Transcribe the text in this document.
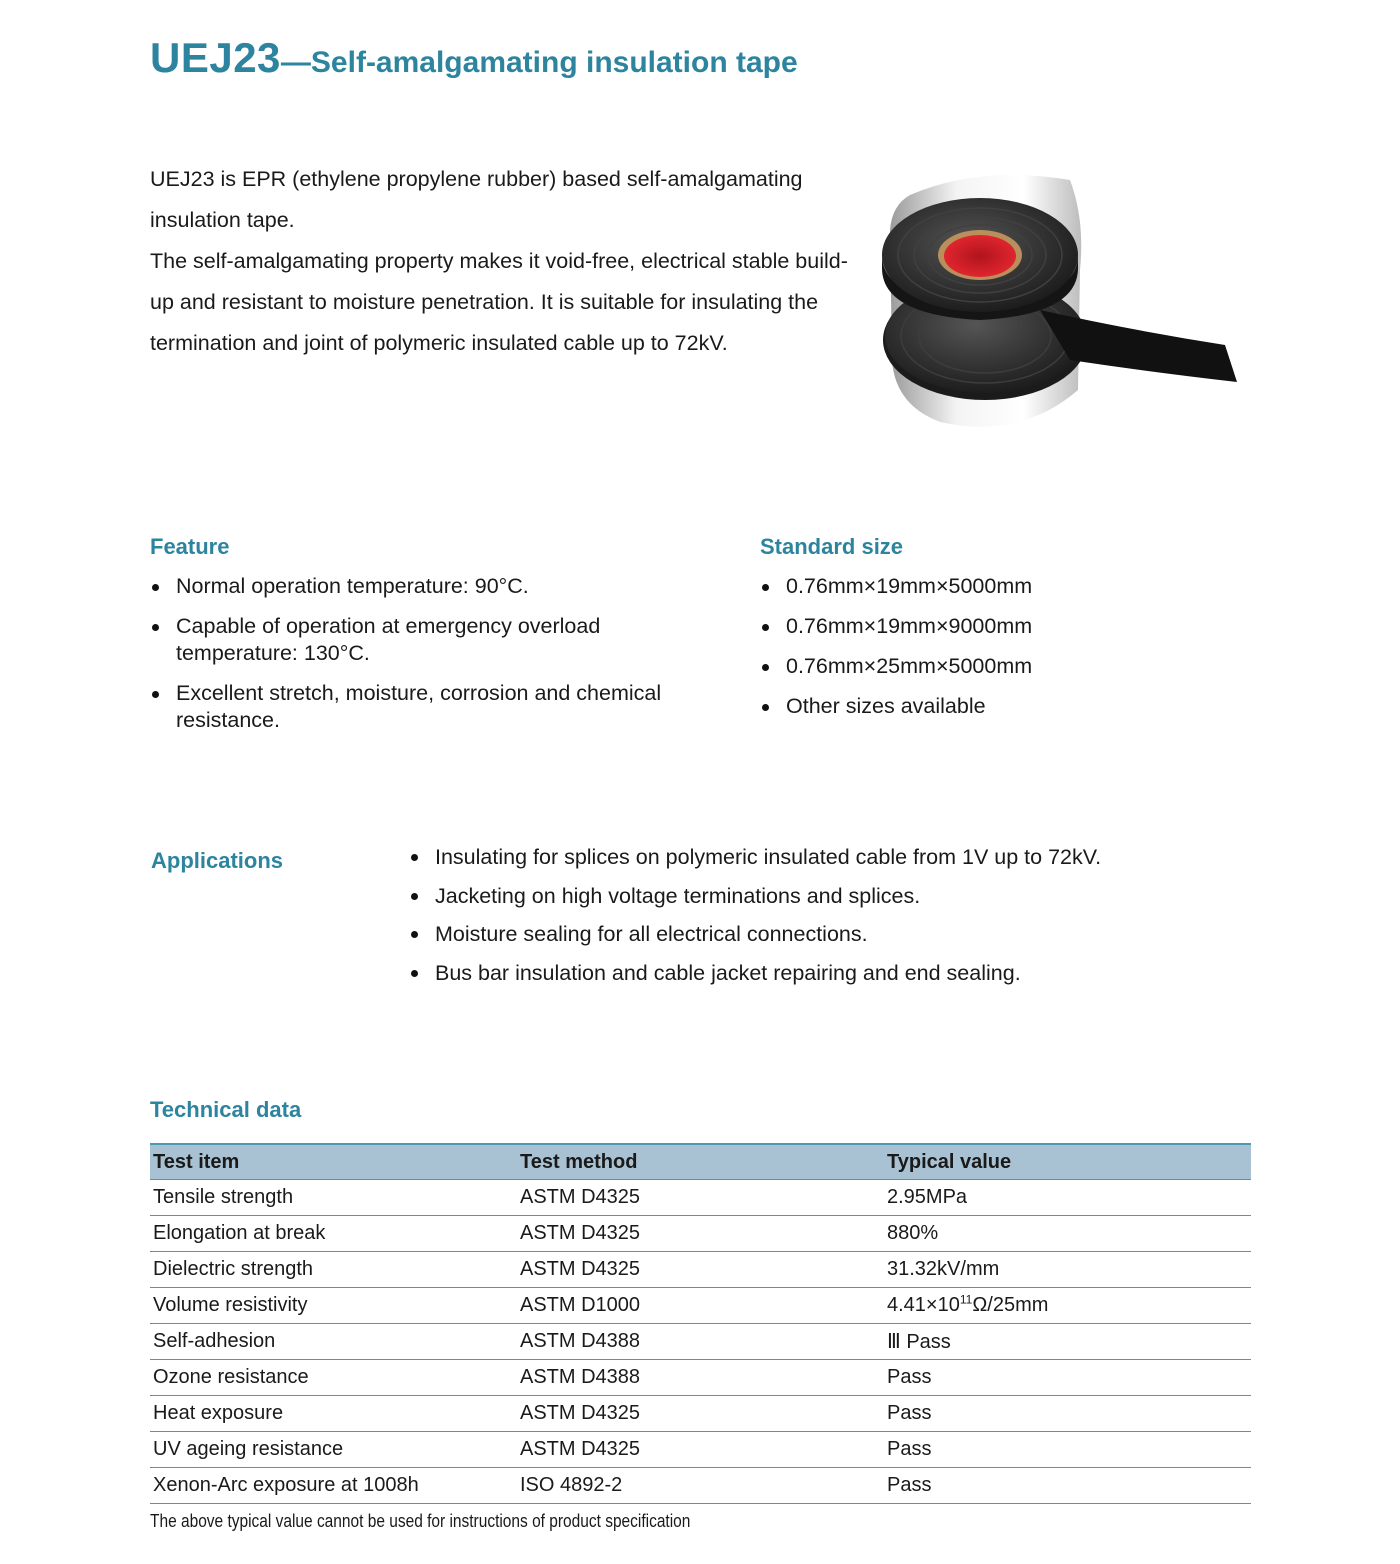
UEJ23—Self-amalgamating insulation tape

UEJ23 is EPR (ethylene propylene rubber) based self-amalgamating insulation tape.

The self-amalgamating property makes it void-free, electrical stable build-up and resistant to moisture penetration. It is suitable for insulating the termination and joint of polymeric insulated cable up to 72kV.

Feature
Normal operation temperature: 90°C.
Capable of operation at emergency overload temperature: 130°C.
Excellent stretch, moisture, corrosion and chemical resistance.
Standard size
0.76mm×19mm×5000mm
0.76mm×19mm×9000mm
0.76mm×25mm×5000mm
Other sizes available
Applications	Insulating for splices on polymeric insulated cable from 1V up to 72kV.
Jacketing on high voltage terminations and splices.
Moisture sealing for all electrical connections.
Bus bar insulation and cable jacket repairing and end sealing.
Technical data
Test item	Test method	Typical value
Tensile strength	ASTM D4325	2.95MPa
Elongation at break	ASTM D4325	880%
Dielectric strength	ASTM D4325	31.32kV/mm
Volume resistivity	ASTM D1000	$4.41\times 10^{11}\Omega/25mm$
Self-adhesion	ASTM D4388	Ⅲ Pass
Ozone resistance	ASTM D4388	Pass
Heat exposure	ASTM D4325	Pass
UV ageing resistance	ASTM D4325	Pass
Xenon-Arc exposure at 1008h	ISO 4892-2	Pass
The above typical value cannot be used for instructions of product specification
